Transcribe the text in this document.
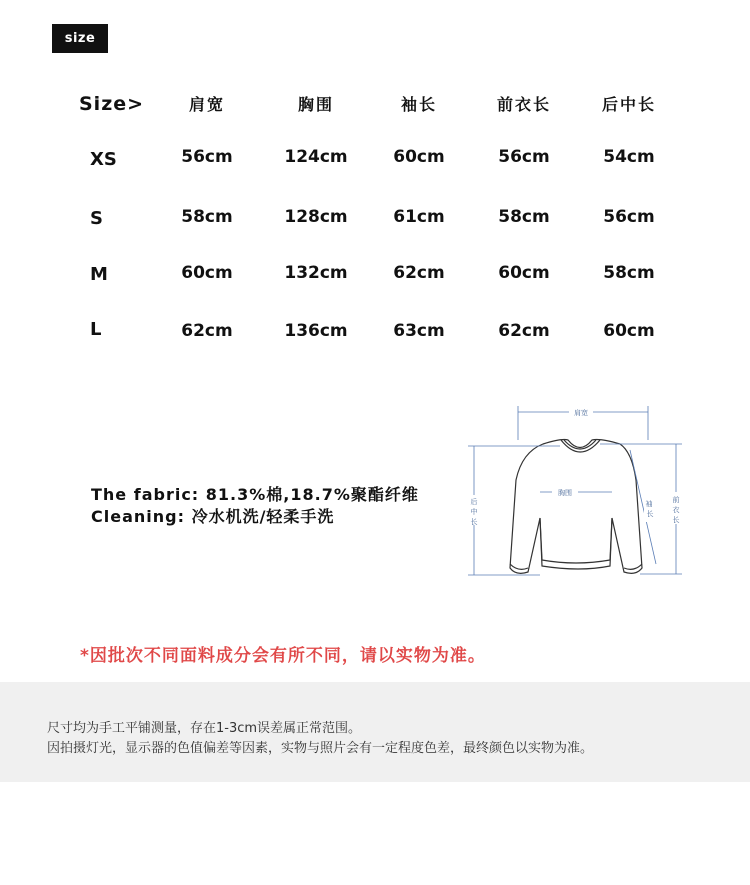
size
Size>	肩宽	胸围	袖长	前衣长	后中长
XS	56cm	124cm	60cm	56cm	54cm
S	58cm	128cm	61cm	58cm	56cm
M	60cm	132cm	62cm	60cm	58cm
L	62cm	136cm	63cm	62cm	60cm
The fabric: 81.3%棉,18.7%聚酯纤维
Cleaning: 冷水机洗/轻柔手洗
肩宽
胸围
后
中
长
袖
长
前
衣
长
*因批次不同面料成分会有所不同，请以实物为准。

尺寸均为手工平铺测量，存在1-3cm误差属正常范围。

因拍摄灯光，显示器的色值偏差等因素，实物与照片会有一定程度色差，最终颜色以实物为准。
